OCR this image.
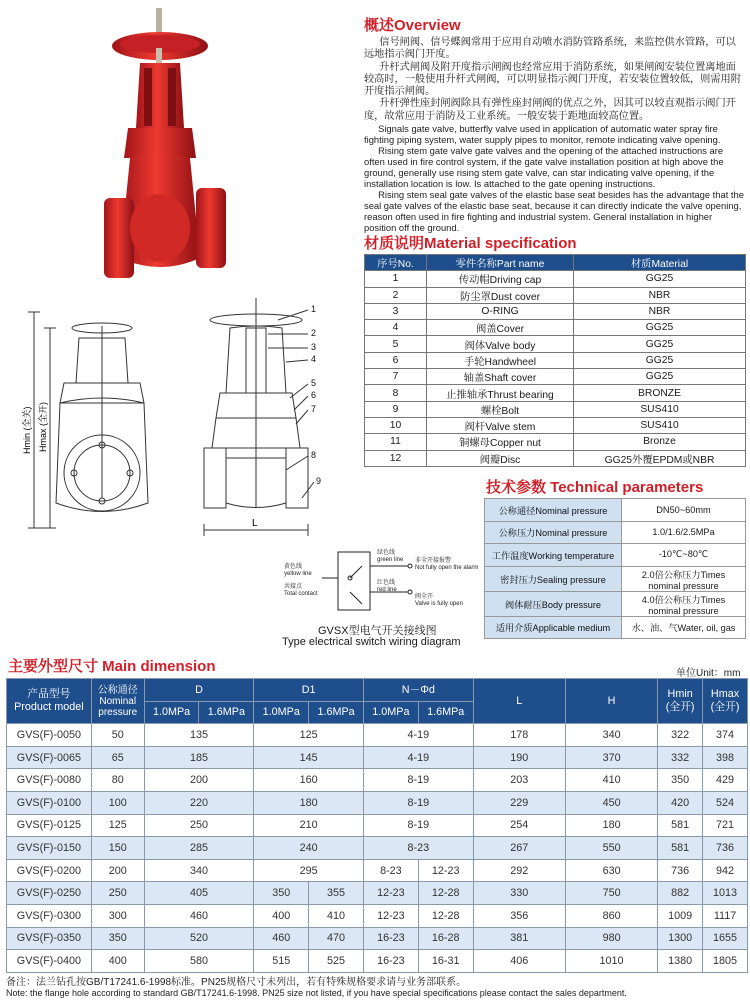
概述Overview

信号闸阀、信号蝶阀常用于应用自动喷水消防管路系统，来监控供水管路，可以远地指示阀门开度。

升杆式闸阀及附开度指示闸阀也经常应用于消防系统，如果闸阀安装位置离地面较高时，一般使用升杆式闸阀，可以明显指示阀门开度，若安装位置较低，则需用附开度指示闸阀。

升杆弹性座封闸阀除具有弹性座封闸阀的优点之外，因其可以较直观指示阀门开度，故常应用于消防及工业系统。一般安装于距地面较高位置。

Signals gate valve, butterfly valve used in application of automatic water spray fire fighting piping system, water supply pipes to monitor, remote indicating valve opening.

Rising stem gate valve gate valves and the opening of the attached instructions are often used in fire control system, if the gate valve installation position at high above the ground, generally use rising stem gate valve, can star indicating valve opening, if the installation location is low. Is attached to the gate opening instructions.

Rising stem seal gate valves of the elastic base seat besides has the advantage that the seal gate valves of the elastic base seat, because it can directly indicate the valve opening, reason often used in fire fighting and industrial system. General installation in higher position off the ground.

材质说明Material specification
序号No.	零件名称Part name	材质Material
1	传动帽Driving cap	GG25
2	防尘罩Dust cover	NBR
3	O-RING	NBR
4	阀盖Cover	GG25
5	阀体Valve body	GG25
6	手轮Handwheel	GG25
7	轴盖Shaft cover	GG25
8	止推轴承Thrust bearing	BRONZE
9	螺栓Bolt	SUS410
10	阀杆Valve stem	SUS410
11	铜螺母Copper nut	Bronze
12	阀瓣Disc	GG25外覆EPDM或NBR
Hmin (全关) Hmax (全开)
L
1
2
3
4
5
6
7
8
9	技术参数 Technical parameters
公称通径Nominal pressure	DN50~60mm
公称压力Nominal pressure	1.0/1.6/2.5MPa
工作温度Working temperature	-10℃~80℃
密封压力Sealing pressure	2.0倍公称压力Times nominal pressure
阀体耐压Body pressure	4.0倍公称压力Times nominal pressure
适用介质Applicable medium	水、油、气Water, oil, gas
绿色线
green line
黄色线
yellow line
共接点
Total contact
红色线
red line
非全开接报警
Not fully open the alarm
阀全开
Valve is fully open
GVSX型电气开关接线图
Type electrical switch wiring diagram
主要外型尺寸 Main dimension	单位Unit：mm
产品型号
Product model	公称通径
Nominal pressure	D		D1		N－Φd		L	H	Hmin
(全开)	Hmax
(全开)
		1.0MPa	1.6MPa	1.0MPa	1.6MPa	1.0MPa	1.6MPa				
GVS(F)-0050	50	135		125		4-19		178	340	322	374
GVS(F)-0065	65	185		145		4-19		190	370	332	398
GVS(F)-0080	80	200		160		8-19		203	410	350	429
GVS(F)-0100	100	220		180		8-19		229	450	420	524
GVS(F)-0125	125	250		210		8-19		254	180	581	721
GVS(F)-0150	150	285		240		8-23		267	550	581	736
GVS(F)-0200	200	340		295		8-23	12-23	292	630	736	942
GVS(F)-0250	250	405		350	355	12-23	12-28	330	750	882	1013
GVS(F)-0300	300	460		400	410	12-23	12-28	356	860	1009	1117
GVS(F)-0350	350	520		460	470	16-23	16-28	381	980	1300	1655
GVS(F)-0400	400	580		515	525	16-23	16-31	406	1010	1380	1805
备注：法兰钻孔按GB/T17241.6-1998标准。PN25规格尺寸未列出，若有特殊规格要求请与业务部联系。
Note: the flange hole according to standard GB/T17241.6-1998. PN25 size not listed, if you have special specifications please contact the sales department.
